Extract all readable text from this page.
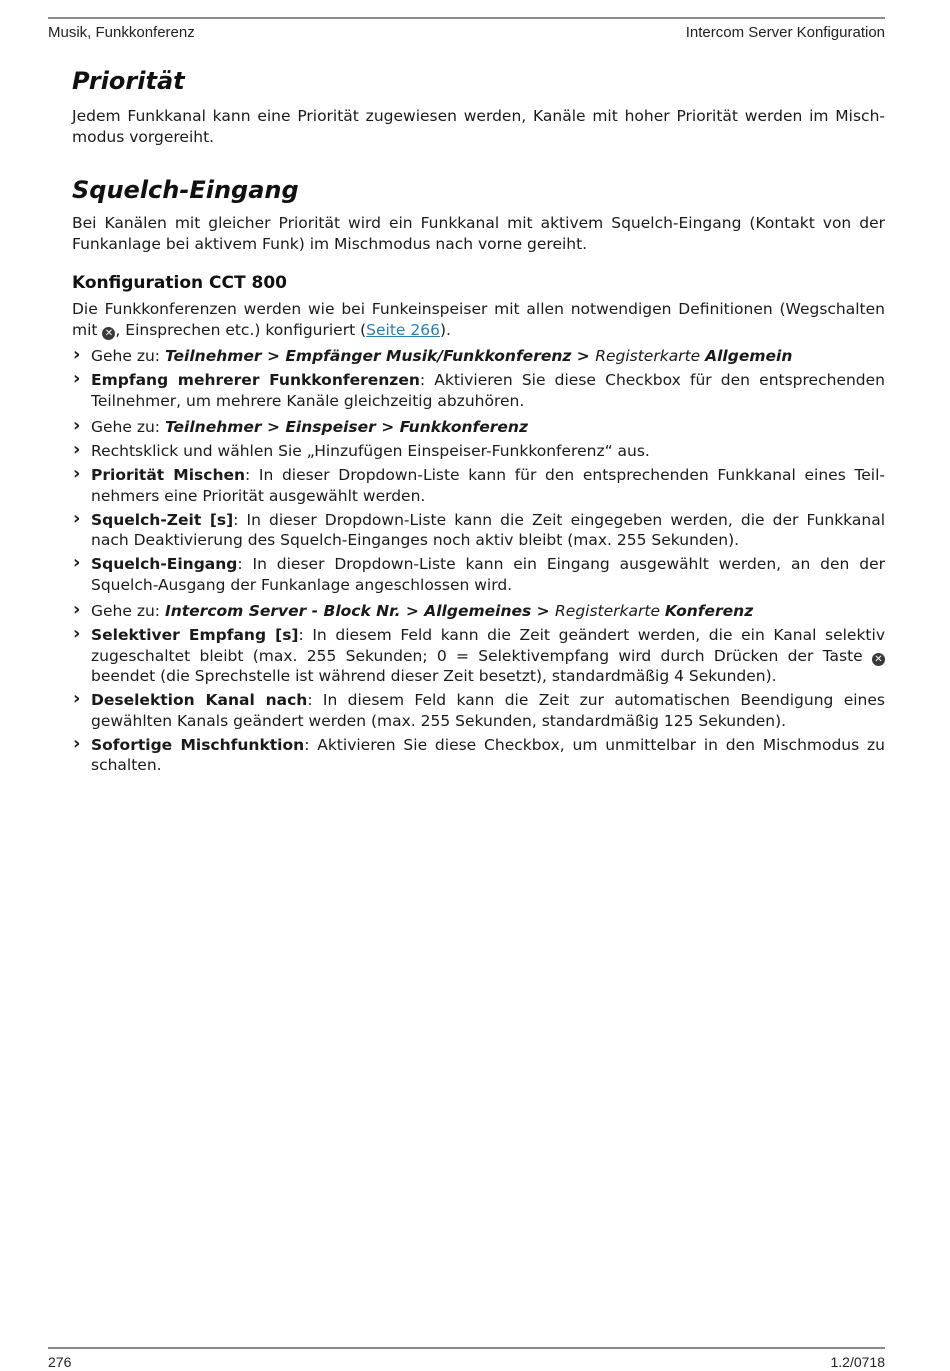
Musik, Funkkonferenz	Intercom Server Konfiguration
Priorität

Jedem Funkkanal kann eine Priorität zugewiesen werden, Kanäle mit hoher Priorität werden im Misch-modus vorgereiht.

Squelch-Eingang

Bei Kanälen mit gleicher Priorität wird ein Funkkanal mit aktivem Squelch-Eingang (Kontakt von der Funkanlage bei aktivem Funk) im Mischmodus nach vorne gereiht.

Konfiguration CCT 800

Die Funkkonferenzen werden wie bei Funkeinspeiser mit allen notwendigen Definitionen (Wegschalten mit ✕ , Einsprechen etc.) konfiguriert (Seite 266).

› Gehe zu: Teilnehmer > Empfänger Musik/Funkkonferenz > Registerkarte Allgemein
› Empfang mehrerer Funkkonferenzen: Aktivieren Sie diese Checkbox für den entsprechenden Teilnehmer, um mehrere Kanäle gleichzeitig abzuhören.
› Gehe zu: Teilnehmer > Einspeiser > Funkkonferenz
› Rechtsklick und wählen Sie „Hinzufügen Einspeiser-Funkkonferenz“ aus.
› Priorität Mischen: In dieser Dropdown-Liste kann für den entsprechenden Funkkanal eines Teil-nehmers eine Priorität ausgewählt werden.
› Squelch-Zeit [s]: In dieser Dropdown-Liste kann die Zeit eingegeben werden, die der Funkkanal nach Deaktivierung des Squelch-Einganges noch aktiv bleibt (max. 255 Sekunden).
› Squelch-Eingang: In dieser Dropdown-Liste kann ein Eingang ausgewählt werden, an den der Squelch-Ausgang der Funkanlage angeschlossen wird.
› Gehe zu: Intercom Server - Block Nr. > Allgemeines > Registerkarte Konferenz
› Selektiver Empfang [s]: In diesem Feld kann die Zeit geändert werden, die ein Kanal selektiv zugeschaltet bleibt (max. 255 Sekunden; 0 = Selektivempfang wird durch Drücken der Taste ✕ beendet (die Sprechstelle ist während dieser Zeit besetzt), standardmäßig 4 Sekunden).
› Deselektion Kanal nach: In diesem Feld kann die Zeit zur automatischen Beendigung eines gewählten Kanals geändert werden (max. 255 Sekunden, standardmäßig 125 Sekunden).
› Sofortige Mischfunktion: Aktivieren Sie diese Checkbox, um unmittelbar in den Mischmodus zu schalten.
276	1.2/0718
